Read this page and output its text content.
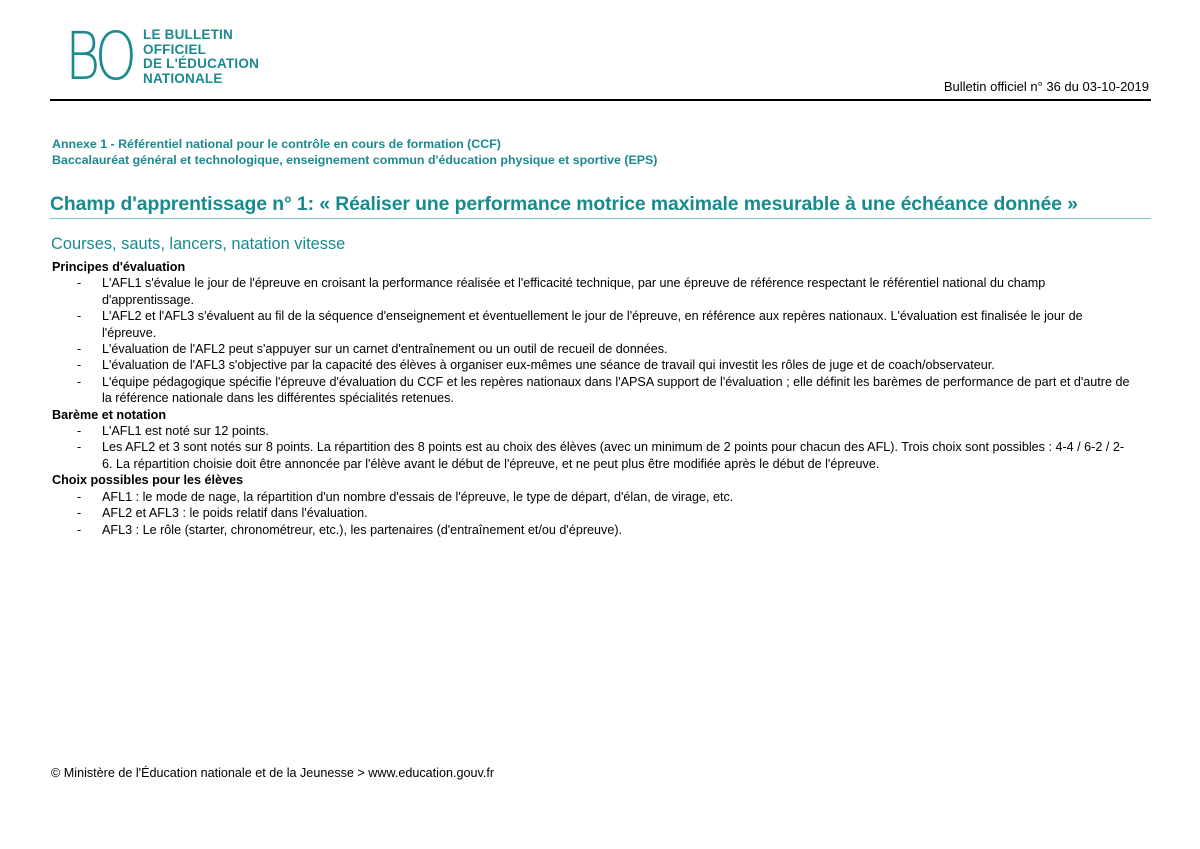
BO LE BULLETIN
OFFICIEL
DE L'ÉDUCATION
NATIONALE
Bulletin officiel n° 36 du 03-10-2019
Annexe 1 - Référentiel national pour le contrôle en cours de formation (CCF)
Baccalauréat général et technologique, enseignement commun d'éducation physique et sportive (EPS)
Champ d'apprentissage n° 1: « Réaliser une performance motrice maximale mesurable à une échéance donnée »
Courses, sauts, lancers, natation vitesse
Principes d'évaluation
- L'AFL1 s'évalue le jour de l'épreuve en croisant la performance réalisée et l'efficacité technique, par une épreuve de référence respectant le référentiel national du champ d'apprentissage.
- L'AFL2 et l'AFL3 s'évaluent au fil de la séquence d'enseignement et éventuellement le jour de l'épreuve, en référence aux repères nationaux. L'évaluation est finalisée le jour de l'épreuve.
- L'évaluation de l'AFL2 peut s'appuyer sur un carnet d'entraînement ou un outil de recueil de données.
- L'évaluation de l'AFL3 s'objective par la capacité des élèves à organiser eux-mêmes une séance de travail qui investit les rôles de juge et de coach/observateur.
- L'équipe pédagogique spécifie l'épreuve d'évaluation du CCF et les repères nationaux dans l'APSA support de l'évaluation ; elle définit les barèmes de performance de part et d'autre de la référence nationale dans les différentes spécialités retenues.
Barème et notation
- L'AFL1 est noté sur 12 points.
- Les AFL2 et 3 sont notés sur 8 points. La répartition des 8 points est au choix des élèves (avec un minimum de 2 points pour chacun des AFL). Trois choix sont possibles : 4-4 / 6-2 / 2-6. La répartition choisie doit être annoncée par l'élève avant le début de l'épreuve, et ne peut plus être modifiée après le début de l'épreuve.
Choix possibles pour les élèves
- AFL1 : le mode de nage, la répartition d'un nombre d'essais de l'épreuve, le type de départ, d'élan, de virage, etc.
- AFL2 et AFL3 : le poids relatif dans l'évaluation.
- AFL3 : Le rôle (starter, chronométreur, etc.), les partenaires (d'entraînement et/ou d'épreuve).
© Ministère de l'Éducation nationale et de la Jeunesse > www.education.gouv.fr
